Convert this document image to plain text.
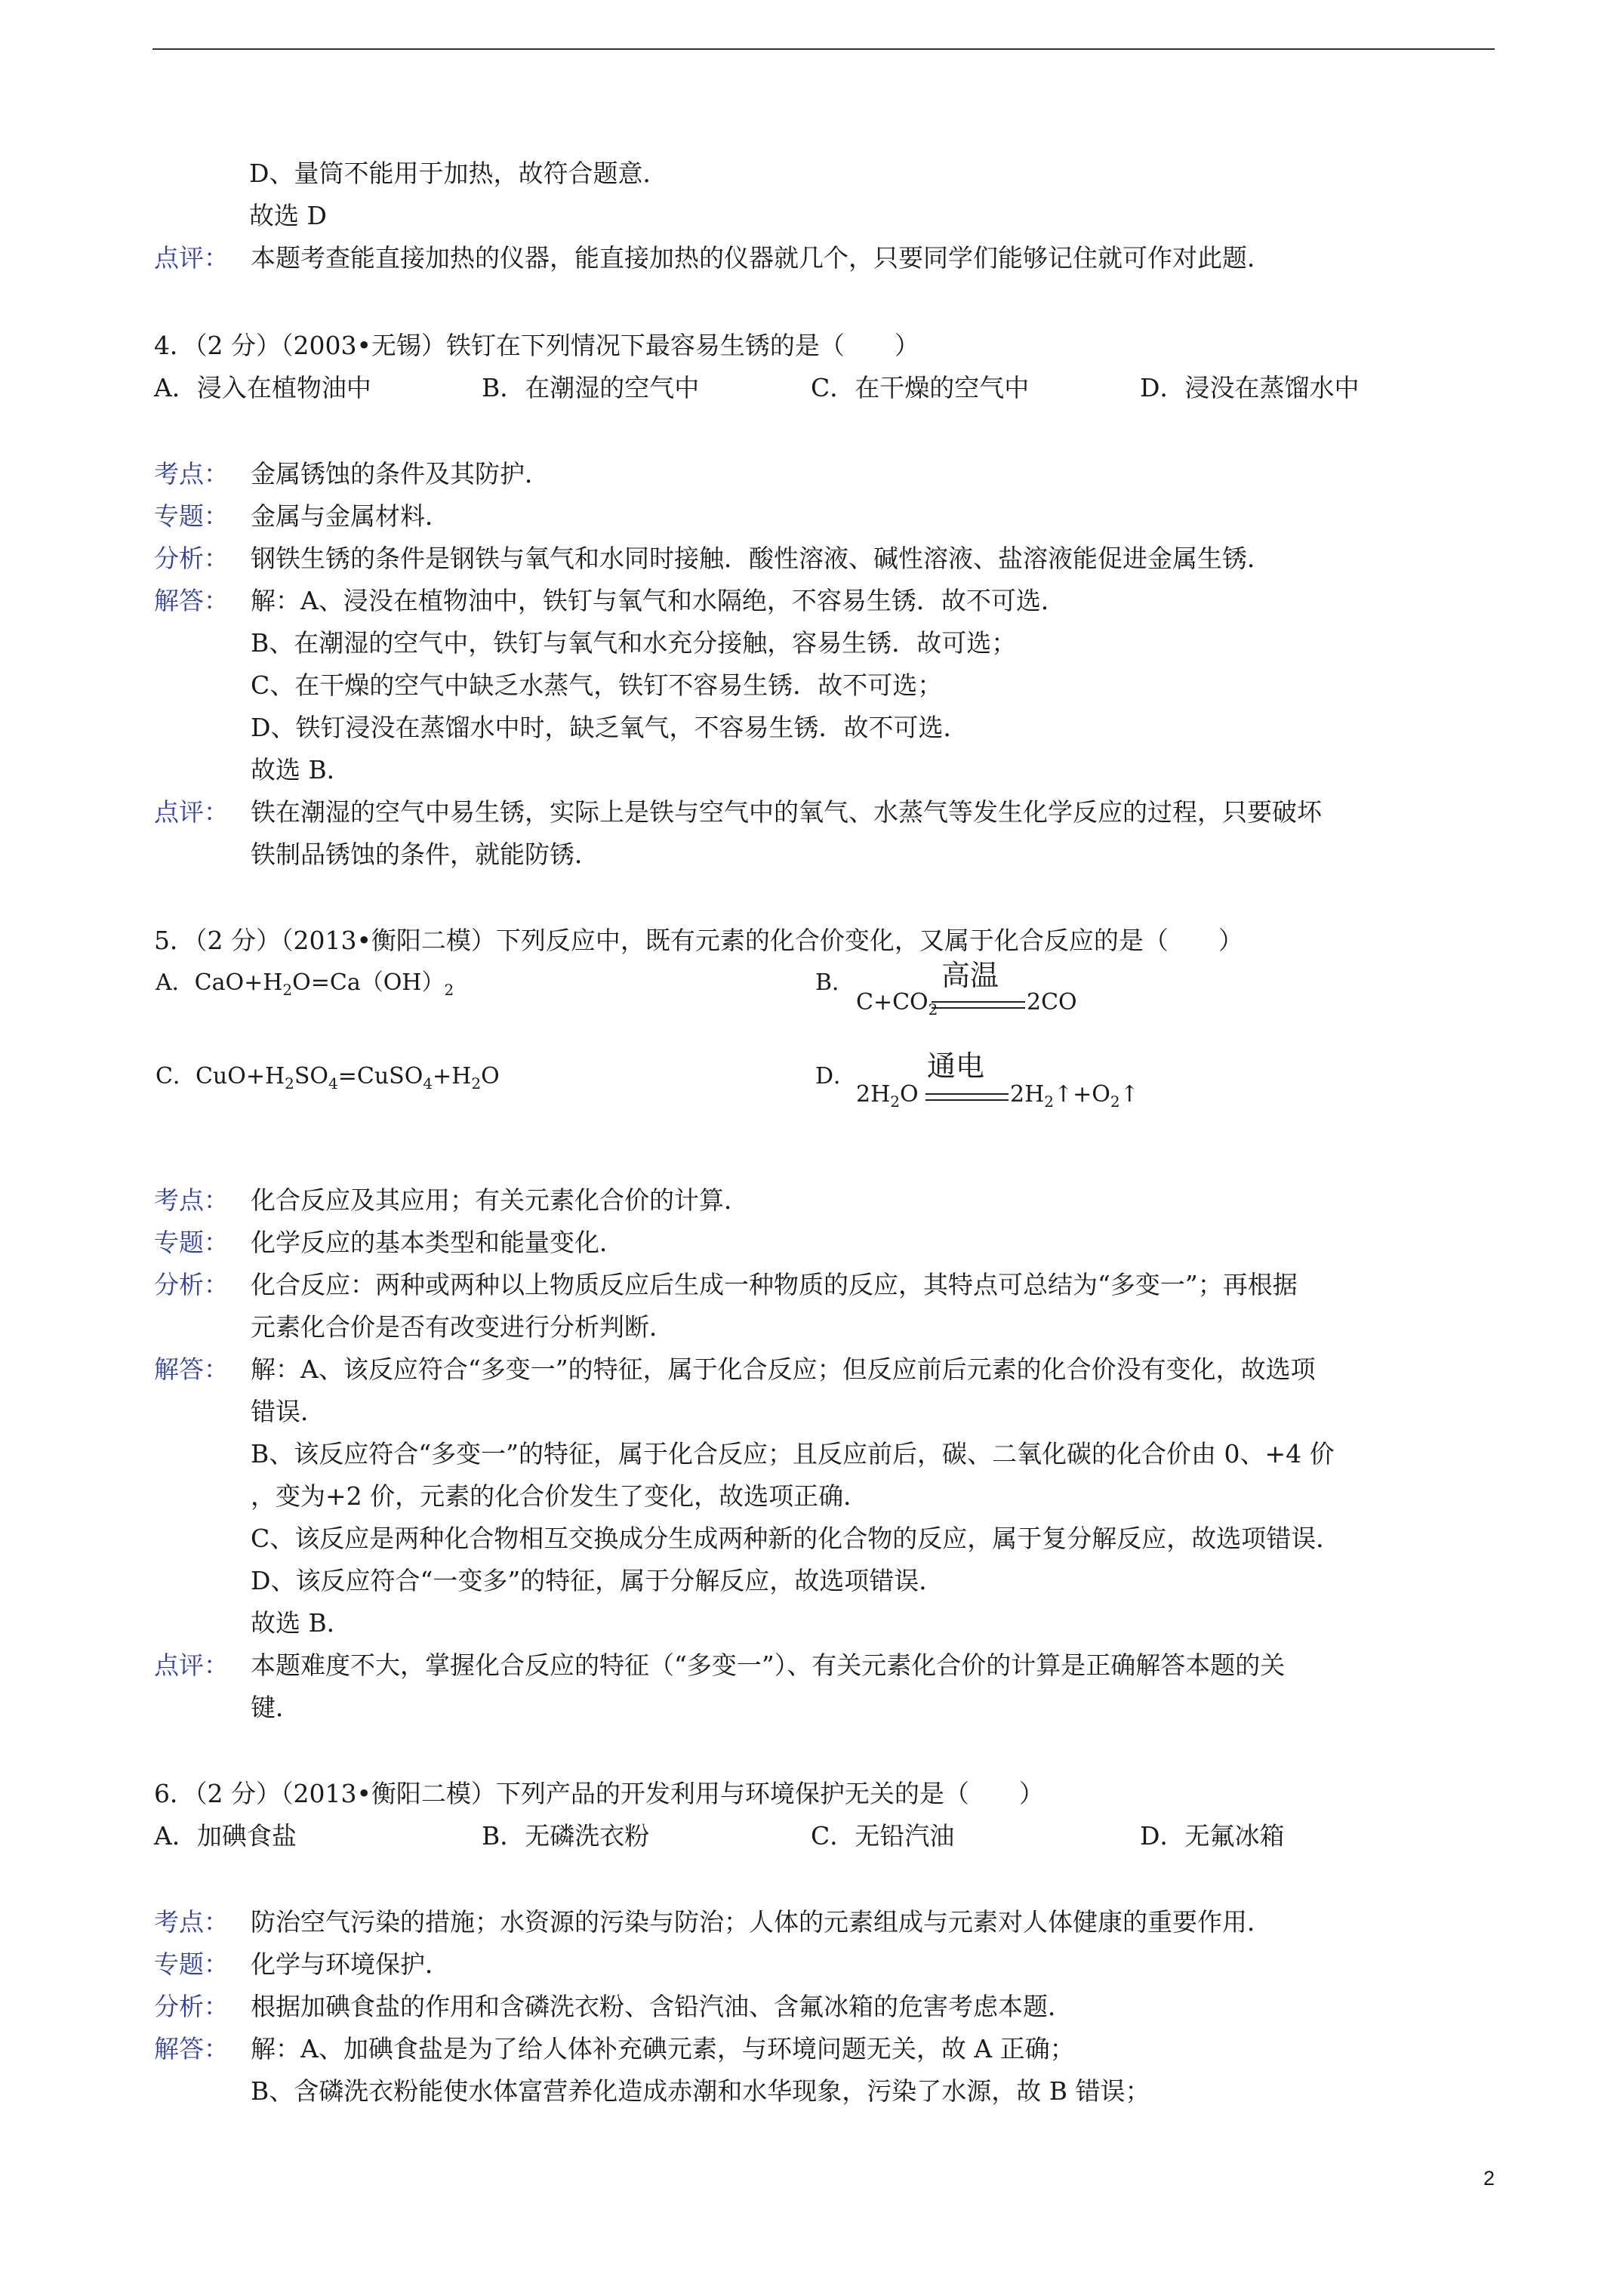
D、量筒不能用于加热，故符合题意．
故选 D
点评： 本题考查能直接加热的仪器，能直接加热的仪器就几个，只要同学们能够记住就可作对此题．
4．（2 分）（2003•无锡）铁钉在下列情况下最容易生锈的是（　　）
A．浸入在植物油中	B．在潮湿的空气中	C．在干燥的空气中	D．浸没在蒸馏水中
考点： 金属锈蚀的条件及其防护．
专题： 金属与金属材料．
分析： 钢铁生锈的条件是钢铁与氧气和水同时接触．酸性溶液、碱性溶液、盐溶液能促进金属生锈．
解答： 解：A、浸没在植物油中，铁钉与氧气和水隔绝，不容易生锈．故不可选．
B、在潮湿的空气中，铁钉与氧气和水充分接触，容易生锈．故可选；
C、在干燥的空气中缺乏水蒸气，铁钉不容易生锈．故不可选；
D、铁钉浸没在蒸馏水中时，缺乏氧气，不容易生锈．故不可选．
故选 B．
点评： 铁在潮湿的空气中易生锈，实际上是铁与空气中的氧气、水蒸气等发生化学反应的过程，只要破坏
铁制品锈蚀的条件，就能防锈．
5．（2 分）（2013•衡阳二模）下列反应中，既有元素的化合价变化，又属于化合反应的是（　　）
A．$CaO+H_2O=Ca(OH)_2$	B．	高温
$C+CO_2$	2CO
C．$CuO+H_2SO_4=CuSO_4+H_2O$	D． 通电
$2H_2O$	$2H_2↑+O_2↑$
考点： 化合反应及其应用；有关元素化合价的计算．
专题： 化学反应的基本类型和能量变化．
分析： 化合反应：两种或两种以上物质反应后生成一种物质的反应，其特点可总结为“多变一”；再根据
元素化合价是否有改变进行分析判断．
解答： 解：A、该反应符合“多变一”的特征，属于化合反应；但反应前后元素的化合价没有变化，故选项
错误．
B、该反应符合“多变一”的特征，属于化合反应；且反应前后，碳、二氧化碳的化合价由 0、+4 价
，变为+2 价，元素的化合价发生了变化，故选项正确．
C、该反应是两种化合物相互交换成分生成两种新的化合物的反应，属于复分解反应，故选项错误．
D、该反应符合“一变多”的特征，属于分解反应，故选项错误．
故选 B．
点评： 本题难度不大，掌握化合反应的特征（“多变一”）、有关元素化合价的计算是正确解答本题的关
键．
6．（2 分）（2013•衡阳二模）下列产品的开发利用与环境保护无关的是（　　）
A．加碘食盐	B．无磷洗衣粉	C．无铅汽油	D．无氟冰箱
考点： 防治空气污染的措施；水资源的污染与防治；人体的元素组成与元素对人体健康的重要作用．
专题： 化学与环境保护．
分析： 根据加碘食盐的作用和含磷洗衣粉、含铅汽油、含氟冰箱的危害考虑本题．
解答： 解：A、加碘食盐是为了给人体补充碘元素，与环境问题无关，故 A 正确；
B、含磷洗衣粉能使水体富营养化造成赤潮和水华现象，污染了水源，故 B 错误；
2
